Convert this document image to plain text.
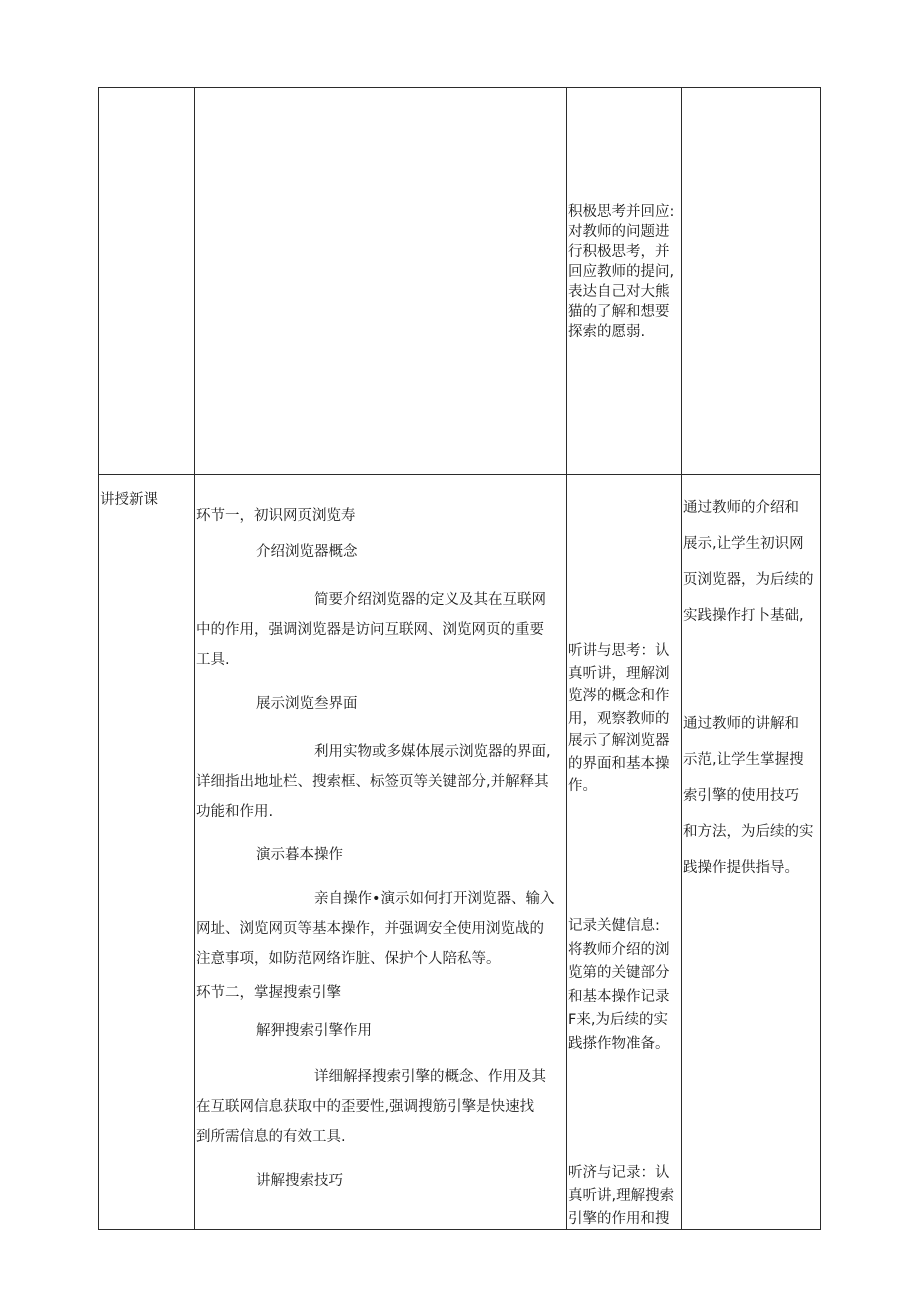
积极思考并回应:
对教师的问题进
行积极思考，并
回应教师的提问,
表达自己对大熊
猫的了解和想要
探索的愿弱.
讲授新课
环节一，初识网页浏览寿
介绍浏览器概念
简要介绍浏览器的定义及其在互联网
中的作用，强调浏览器是访问互联网、浏览网页的重要
工具.
展示浏览叁界面
利用实物或多媒体展示浏览器的界面,
详细指出地址栏、搜索框、标签页等关键部分,并解释其
功能和作用.
演示暮本操作
亲自操作•演示如何打开浏览器、输入
网址、浏览网页等基本操作，并强调安全使用浏览战的
注意事项，如防范网络诈脏、保护个人陪私等。
环节二，掌握搜索引擎
解狎搜索引擎作用
详细解择搜索引擎的概念、作用及其
在互联网信息获取中的歪要性,强调搜筋引擎是快速找
到所需信息的有效工具.
讲解搜索技巧
听讲与思考：认
真听讲，理解浏
览涔的概念和作
用，观察教师的
展示了解浏览器
的界面和基本操
作。
记录关健信息:
将教师介绍的浏
览第的关键部分
和基本操作记录
F来,为后续的实
践搽作物准备。
听济与记录：认
真听讲,理解搜索
引擎的作用和搜
通过教师的介绍和
展示,让学生初识网
页浏览器，为后续的
实践操作打卜基础,
通过教师的讲解和
示范,让学生掌握搜
索引擎的使用技巧
和方法，为后续的实
践操作提供指导。
